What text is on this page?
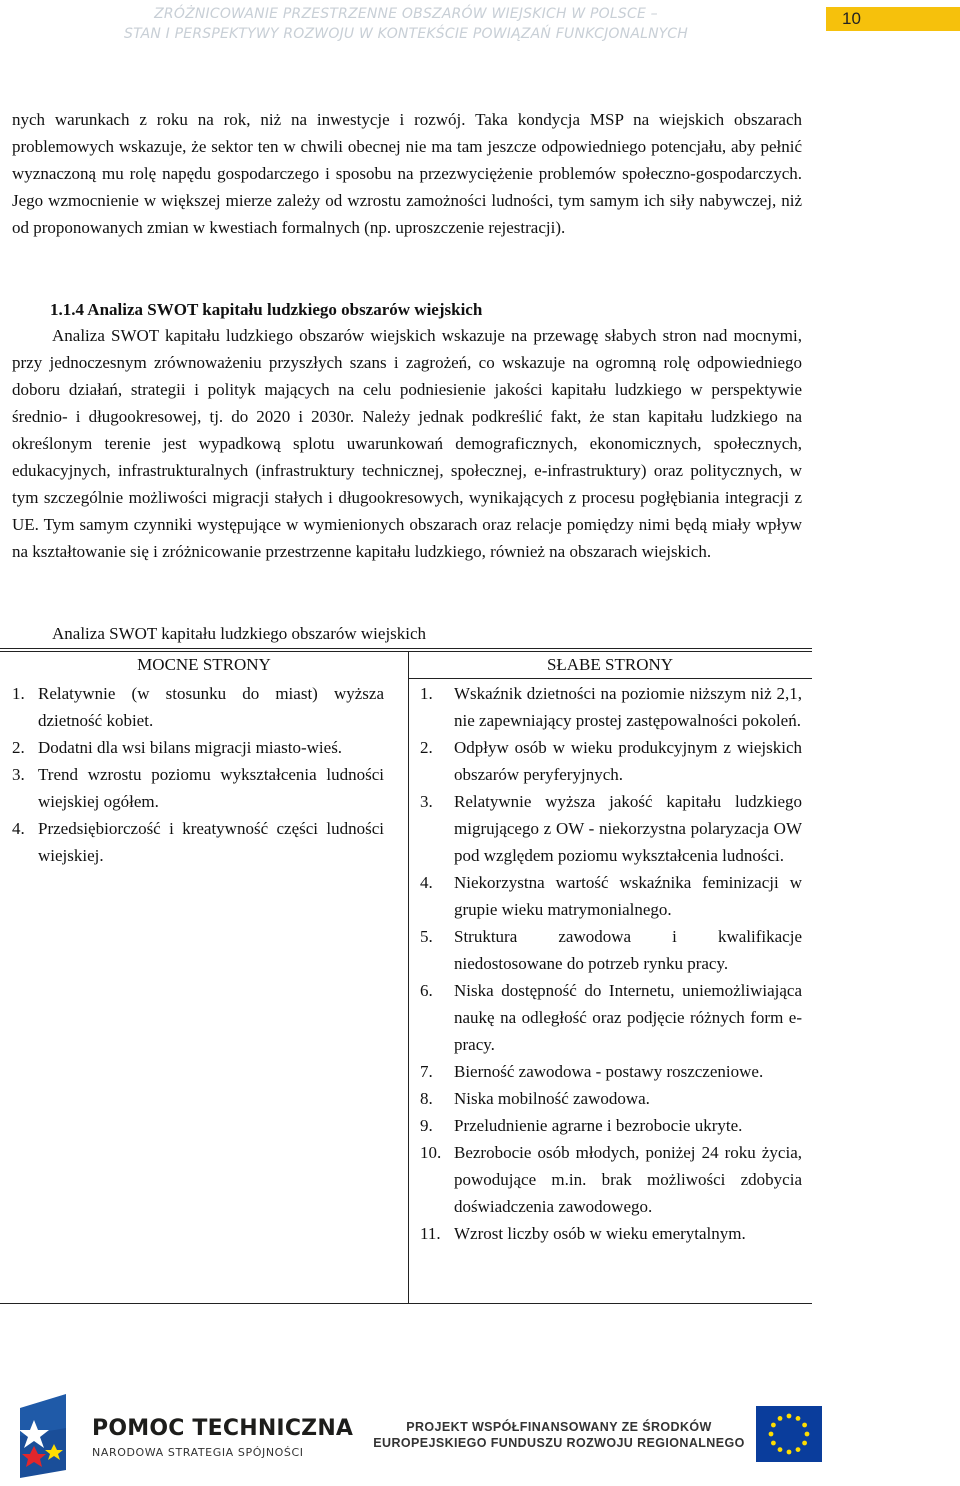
ZRÓŻNICOWANIE PRZESTRZENNE OBSZARÓW WIEJSKICH W POLSCE –
STAN I PERSPEKTYWY ROZWOJU W KONTEKŚCIE POWIĄZAŃ FUNKCJONALNYCH
10

nych warunkach z roku na rok, niż na inwestycje i rozwój. Taka kondycja MSP na wiejskich obszarach problemowych wskazuje, że sektor ten w chwili obecnej nie ma tam jeszcze odpowiedniego potencjału, aby pełnić wyznaczoną mu rolę napędu gospodarczego i sposobu na przezwyciężenie problemów społeczno-gospodarczych. Jego wzmocnienie w większej mierze zależy od wzrostu zamożności ludności, tym samym ich siły nabywczej, niż od proponowanych zmian w kwestiach formalnych (np. uproszczenie rejestracji).

1.1.4 Analiza SWOT kapitału ludzkiego obszarów wiejskich

Analiza SWOT kapitału ludzkiego obszarów wiejskich wskazuje na przewagę słabych stron nad mocnymi, przy jednoczesnym zrównoważeniu przyszłych szans i zagrożeń, co wskazuje na ogromną rolę odpowiedniego doboru działań, strategii i polityk mających na celu podniesienie jakości kapitału ludzkiego w perspektywie średnio- i długookresowej, tj. do 2020 i 2030r. Należy jednak podkreślić fakt, że stan kapitału ludzkiego na określonym terenie jest wypadkową splotu uwarunkowań demograficznych, ekonomicznych, społecznych, edukacyjnych, infrastrukturalnych (infrastruktury technicznej, społecznej, e-infrastruktury) oraz politycznych, w tym szczególnie możliwości migracji stałych i długookresowych, wynikających z procesu pogłębiania integracji z UE. Tym samym czynniki występujące w wymienionych obszarach oraz relacje pomiędzy nimi będą miały wpływ na kształtowanie się i zróżnicowanie przestrzenne kapitału ludzkiego, również na obszarach wiejskich.

Analiza SWOT kapitału ludzkiego obszarów wiejskich
MOCNE STRONY	SŁABE STRONY
1. Relatywnie (w stosunku do miast) wyższa dzietność kobiet.
2. Dodatni dla wsi bilans migracji miasto-wieś.
3. Trend wzrostu poziomu wykształcenia ludności wiejskiej ogółem.
4. Przedsiębiorczość i kreatywność części ludności wiejskiej.
1. Wskaźnik dzietności na poziomie niższym niż 2,1, nie zapewniający prostej zastępowalności pokoleń.
2. Odpływ osób w wieku produkcyjnym z wiejskich obszarów peryferyjnych.
3. Relatywnie wyższa jakość kapitału ludzkiego migrującego z OW - niekorzystna polaryzacja OW pod względem poziomu wykształcenia ludności.
4. Niekorzystna wartość wskaźnika feminizacji w grupie wieku matrymonialnego.
5. Struktura zawodowa i kwalifikacje niedostosowane do potrzeb rynku pracy.
6. Niska dostępność do Internetu, uniemożliwiająca naukę na odległość oraz podjęcie różnych form e-pracy.
7. Bierność zawodowa - postawy roszczeniowe.
8. Niska mobilność zawodowa.
9. Przeludnienie agrarne i bezrobocie ukryte.
10. Bezrobocie osób młodych, poniżej 24 roku życia, powodujące m.in. brak możliwości zdobycia doświadczenia zawodowego.
11. Wzrost liczby osób w wieku emerytalnym.
POMOC TECHNICZNA
NARODOWA STRATEGIA SPÓJNOŚCI
PROJEKT WSPÓŁFINANSOWANY ZE ŚRODKÓW
EUROPEJSKIEGO FUNDUSZU ROZWOJU REGIONALNEGO
